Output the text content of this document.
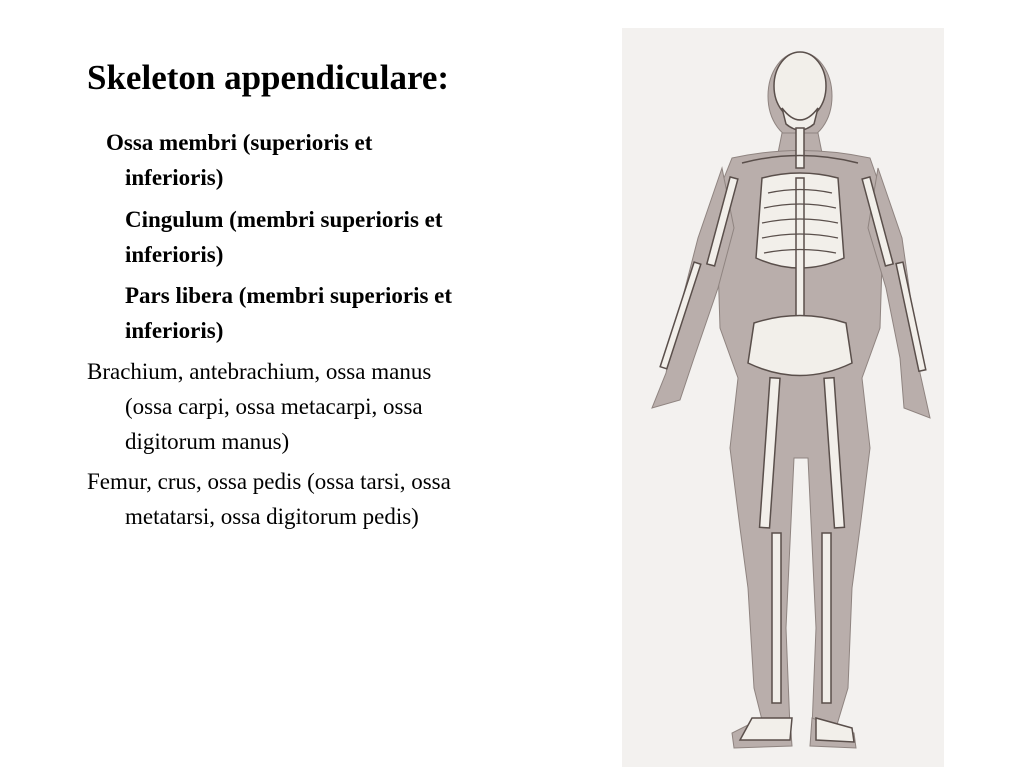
Skeleton appendiculare:

Ossa membri (superioris et
inferioris)

Cingulum (membri superioris et
inferioris)

Pars libera (membri superioris et
inferioris)

Brachium, antebrachium, ossa manus
(ossa carpi, ossa metacarpi, ossa
digitorum manus)

Femur, crus, ossa pedis (ossa tarsi, ossa
metatarsi, ossa digitorum pedis)
